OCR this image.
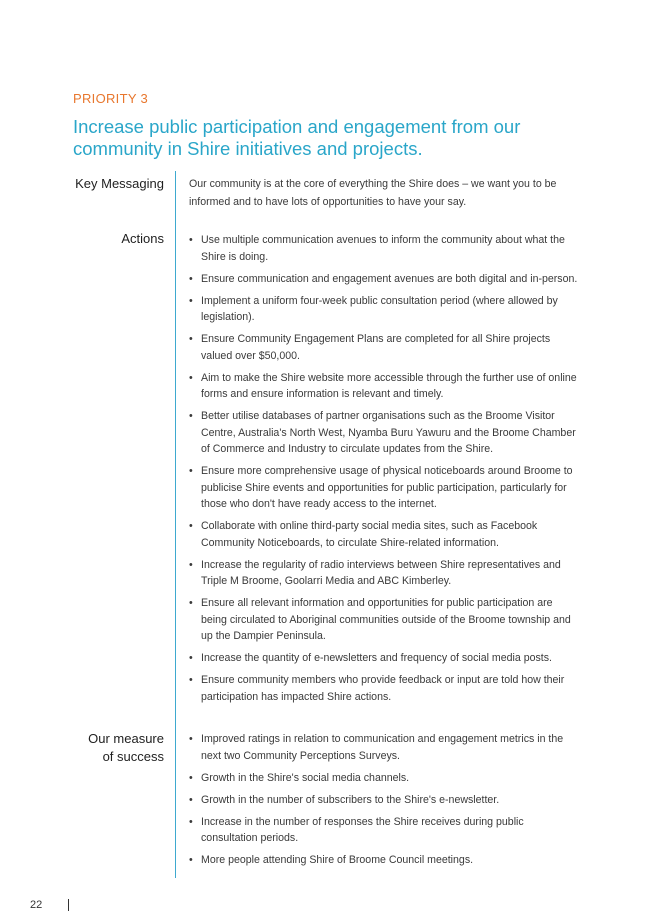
PRIORITY 3
Increase public participation and engagement from our community in Shire initiatives and projects.
Key Messaging Our community is at the core of everything the Shire does – we want you to be informed and to have lots of opportunities to have your say.

Actions
•	Use multiple communication avenues to inform the community about what the Shire is doing.
• Ensure communication and engagement avenues are both digital and in-person.
• Implement a uniform four-week public consultation period (where allowed by legislation).
• Ensure Community Engagement Plans are completed for all Shire projects valued over $50,000.
• Aim to make the Shire website more accessible through the further use of online forms and ensure information is relevant and timely.
• Better utilise databases of partner organisations such as the Broome Visitor Centre, Australia's North West, Nyamba Buru Yawuru and the Broome Chamber of Commerce and Industry to circulate updates from the Shire.
• Ensure more comprehensive usage of physical noticeboards around Broome to publicise Shire events and opportunities for public participation, particularly for those who don't have ready access to the internet.
• Collaborate with online third-party social media sites, such as Facebook Community Noticeboards, to circulate Shire-related information.
• Increase the regularity of radio interviews between Shire representatives and Triple M Broome, Goolarri Media and ABC Kimberley.
• Ensure all relevant information and opportunities for public participation are being circulated to Aboriginal communities outside of the Broome township and up the Dampier Peninsula.
• Increase the quantity of e-newsletters and frequency of social media posts.
• Ensure community members who provide feedback or input are told how their participation has impacted Shire actions.
Our measure
of success
• Improved ratings in relation to communication and engagement metrics in the next two Community Perceptions Surveys.
• Growth in the Shire's social media channels.
• Growth in the number of subscribers to the Shire's e-newsletter.
• Increase in the number of responses the Shire receives during public consultation periods.
• More people attending Shire of Broome Council meetings.
22
